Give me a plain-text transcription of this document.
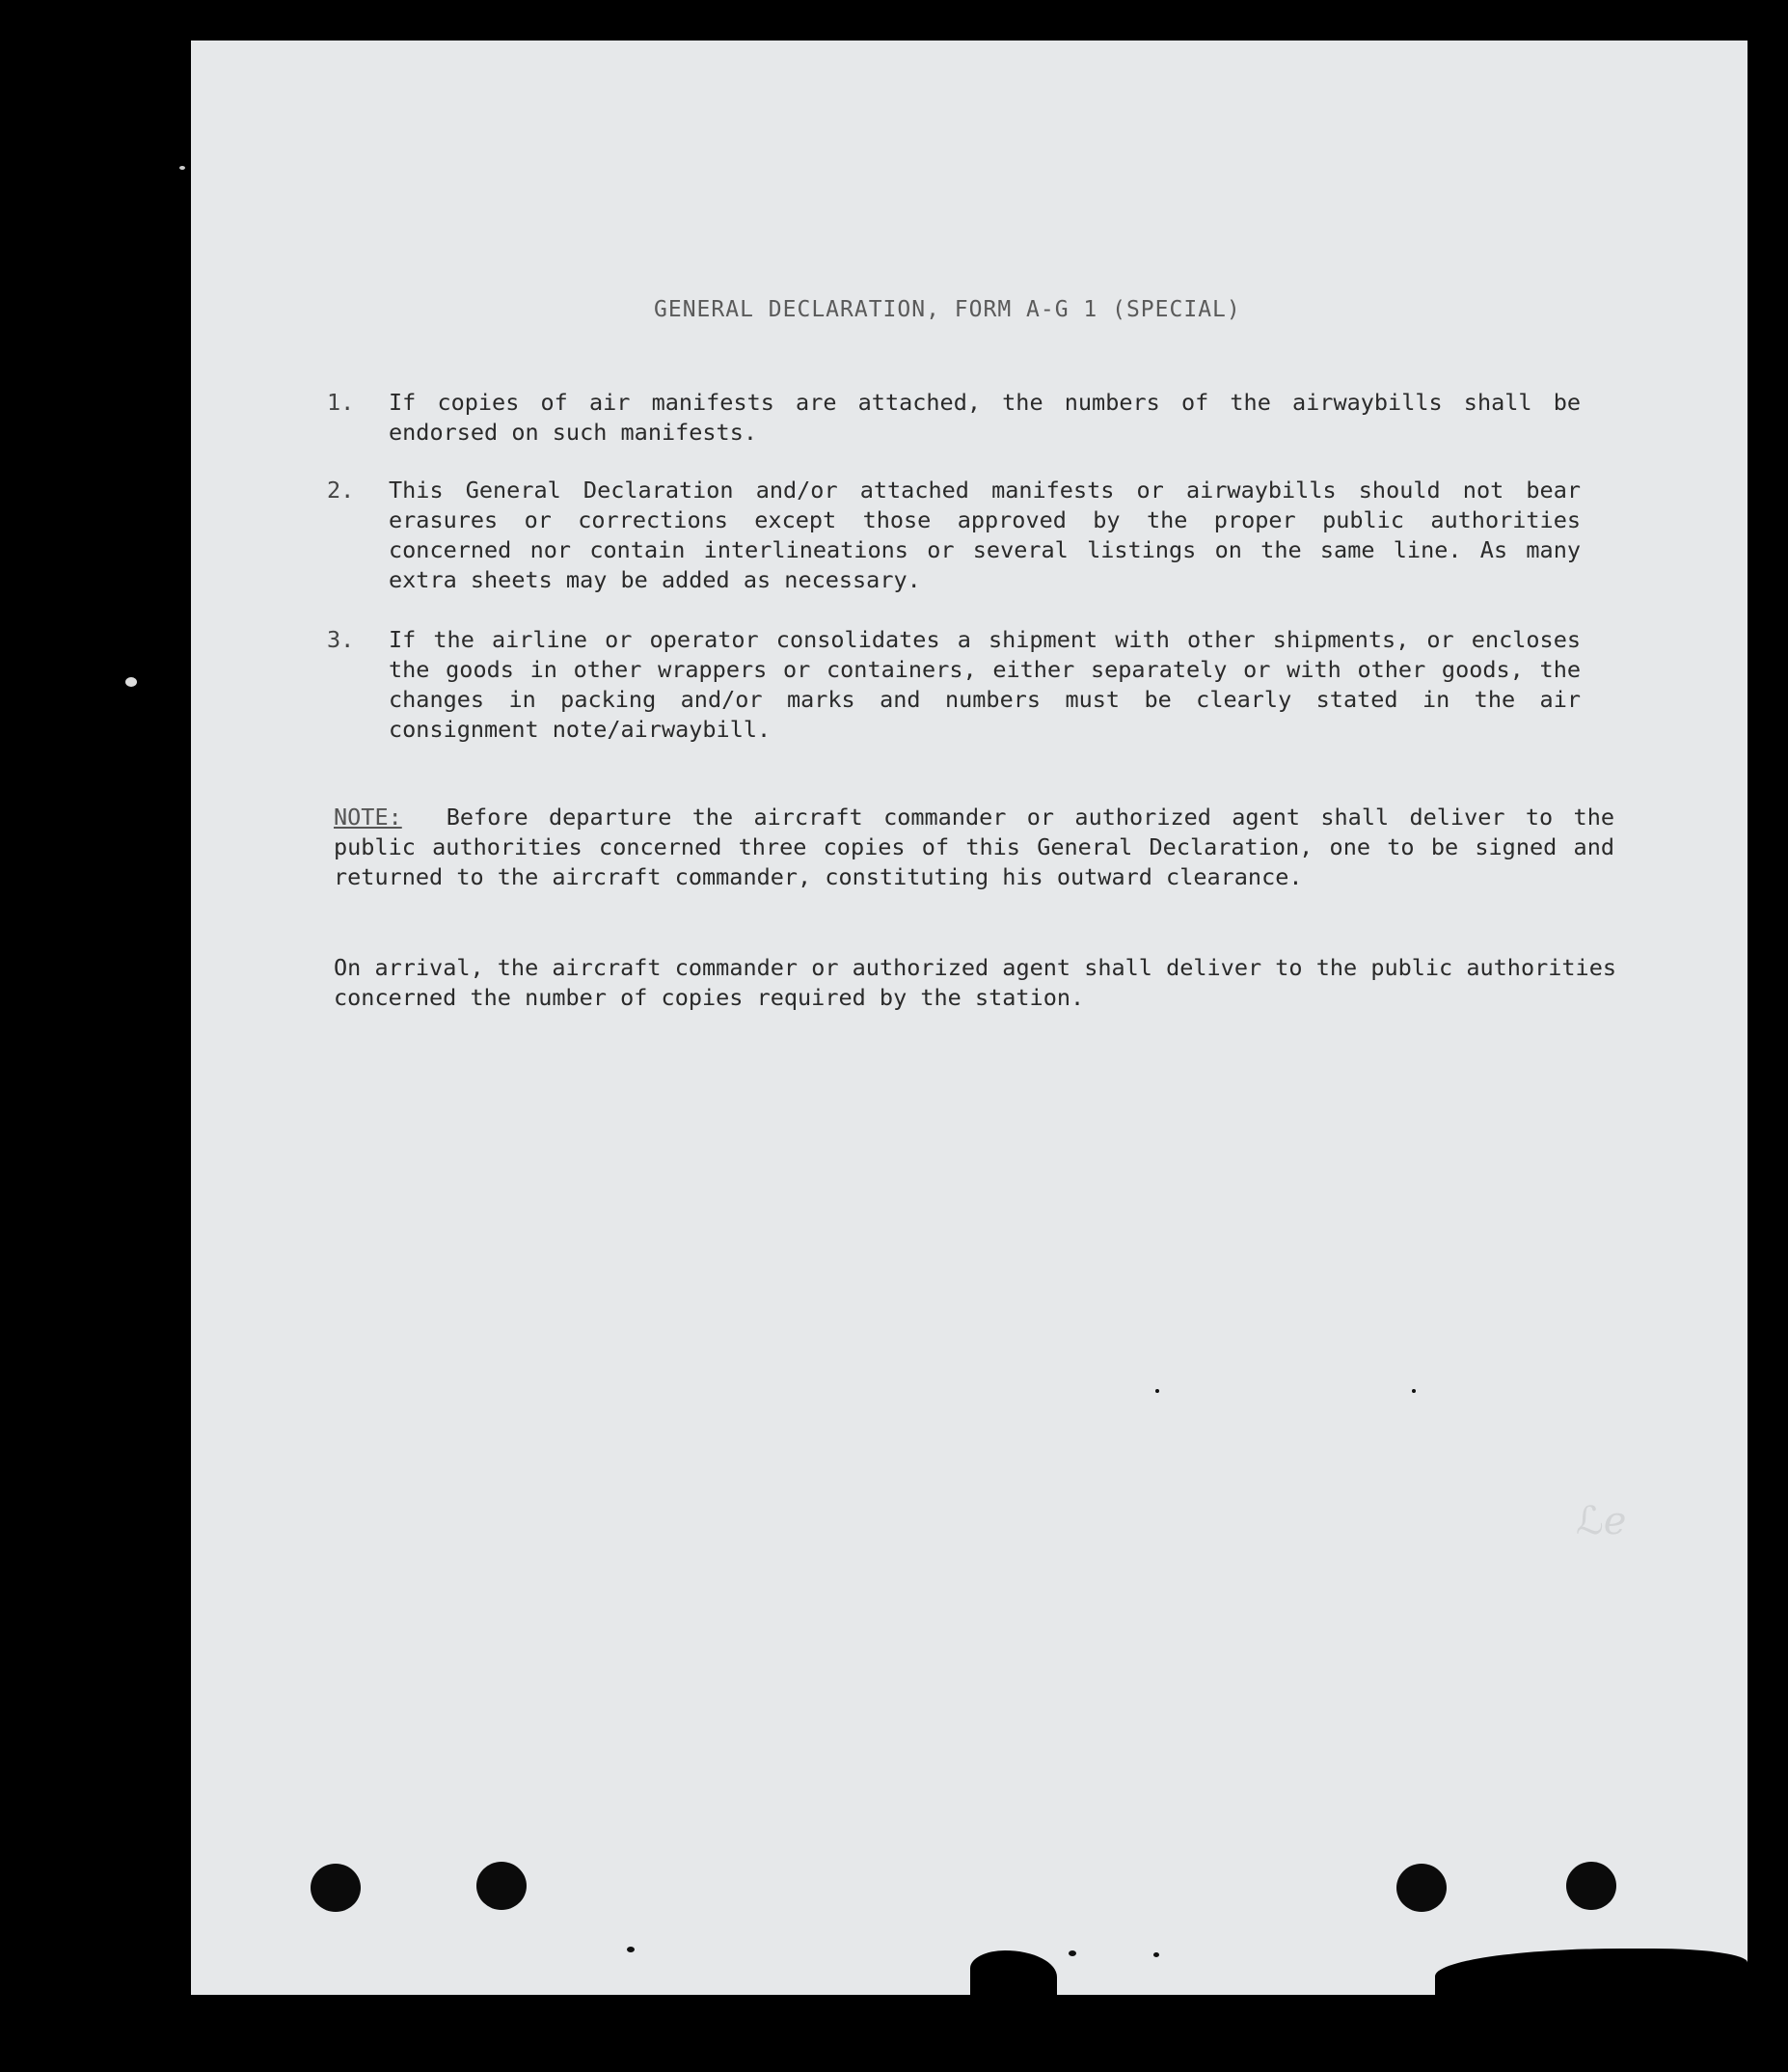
GENERAL DECLARATION, FORM A-G 1 (SPECIAL)
1. If copies of air manifests are attached, the numbers of the airwaybills shall be endorsed on such manifests.
2. This General Declaration and/or attached manifests or airwaybills should not bear erasures or corrections except those approved by the proper public authorities concerned nor contain interlineations or several listings on the same line. As many extra sheets may be added as necessary.
3. If the airline or operator consolidates a shipment with other shipments, or encloses the goods in other wrappers or containers, either separately or with other goods, the changes in packing and/or marks and numbers must be clearly stated in the air consignment note/airwaybill.
NOTE: Before departure the aircraft commander or authorized agent shall deliver to the public authorities concerned three copies of this General Declaration, one to be signed and returned to the aircraft commander, constituting his outward clearance.
On arrival, the aircraft commander or authorized agent shall deliver to the public authorities concerned the number of copies required by the station.
ℒℯ
